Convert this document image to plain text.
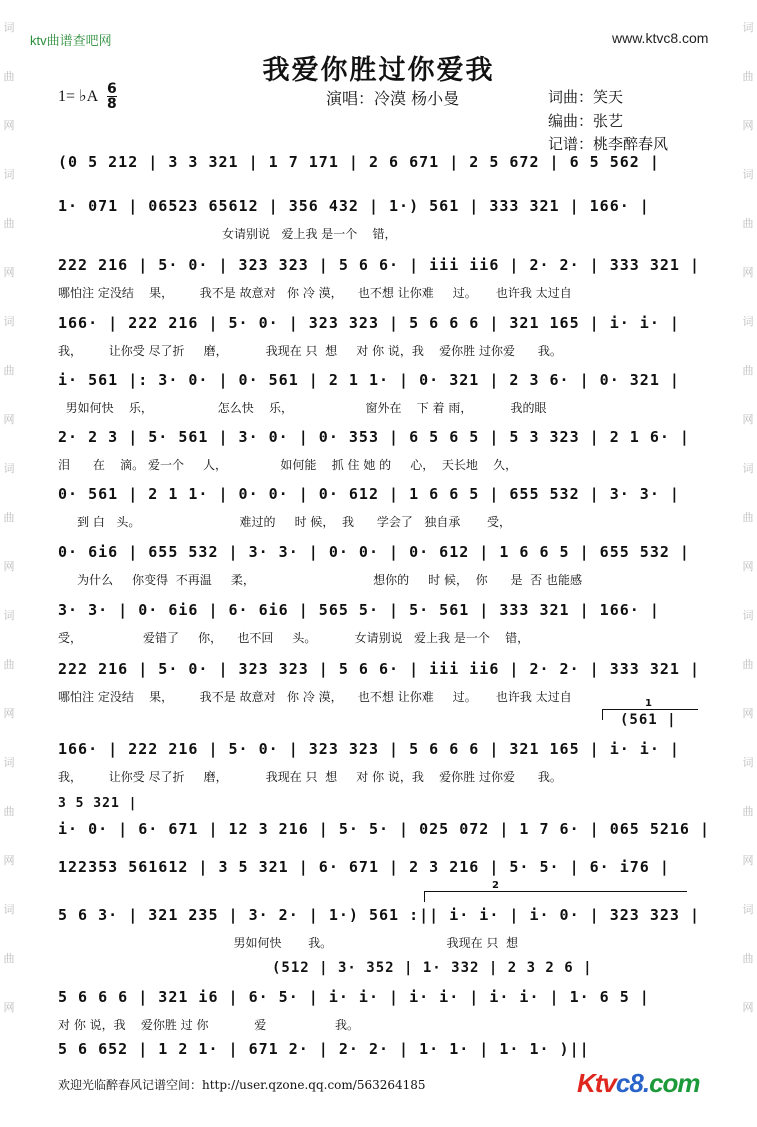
词
曲
网
词
曲
网
词
曲
网
词
曲
网
词
曲
网
词
曲
网
词
曲
网
词
曲
网
词
曲
网
词
曲
网
词
曲
网
词
曲
网
词
曲
网
词
曲
网
ktv曲谱查吧网	www.ktvc8.com
我爱你胜过你爱我
1= ♭A 6
8	演唱：冷漠 杨小曼	词曲：笑天
编曲：张艺
记谱：桃李醉春风
(0 5 212 | 3 3 321 | 1 7 171 | 2 6 671 | 2 5 672 | 6 5 562 |
1· 071 | 06523 65612 | 356 432 | 1·) 561 | 333 321 | 166· |
女请别说   爱上我 是一个    错，
222 216 | 5· 0· | 323 323 | 5 6 6· | iii ii6 | 2· 2· | 333 321 |
哪怕注 定没结    果，       我不是 故意对   你 冷 漠，    也不想 让你难     过。     也许我 太过自
166· | 222 216 | 5· 0· | 323 323 | 5 6 6 6 | 321 165 | i· i· |
我，       让你受 尽了折     磨，          我现在 只  想     对 你 说，我    爱你胜 过你爱      我。
i· 561 |: 3· 0· | 0· 561 | 2 1 1· | 0· 321 | 2 3 6· | 0· 321 |
男如何快    乐，                 怎么快    乐，                   窗外在    下 着 雨，          我的眼
2· 2 3 | 5· 561 | 3· 0· | 0· 353 | 6 5 6 5 | 5 3 323 | 2 1 6· |
泪      在    滴。 爱一个     人，              如何能    抓 住 她 的     心，  天长地    久，
0· 561 | 2 1 1· | 0· 0· | 0· 612 | 1 6 6 5 | 655 532 | 3· 3· |
到 白   头。                          难过的     时 候，  我      学会了   独自承       受，
0· 6i6 | 655 532 | 3· 3· | 0· 0· | 0· 612 | 1 6 6 5 | 655 532 |
为什么     你变得  不再温     柔，                               想你的     时 候，  你      是  否 也能感
3· 3· | 0· 6i6 | 6· 6i6 | 565 5· | 5· 561 | 333 321 | 166· |
受，                爱错了     你，    也不回     头。          女请别说   爱上我 是一个    错，
222 216 | 5· 0· | 323 323 | 5 6 6· | iii ii6 | 2· 2· | 333 321 |
哪怕注 定没结    果，       我不是 故意对   你 冷 漠，    也不想 让你难     过。     也许我 太过自
166· | 222 216 | 5· 0· | 323 323 | 5 6 6 6 | 321 165 | i· i· |
我，       让你受 尽了折     磨，          我现在 只  想     对 你 说，我    爱你胜 过你爱      我。
i· 0· | 6· 671 | 12 3 216 | 5· 5· | 025 072 | 1 7 6· | 065 5216 |
122353 561612 | 3 5 321 | 6· 671 | 2 3 216 | 5· 5· | 6· i76 |
5 6 3· | 321 235 | 3· 2· | 1·) 561 :|| i· i· | i· 0· | 323 323 |
男如何快       我。                              我现在 只  想
5 6 6 6 | 321 i6 | 6· 5· | i· i· | i· i· | i· i· | 1· 6 5 |
对 你 说，我    爱你胜 过 你            爱                  我。
5 6 652 | 1 2 1· | 671 2· | 2· 2· | 1· 1· | 1· 1· )||
(561 |
3 5 321 |
(512 | 3· 352 | 1· 332 | 2 3 2 6 |
1
2
欢迎光临醉春风记谱空间：http://user.qzone.qq.com/563264185	Ktvc8.com
